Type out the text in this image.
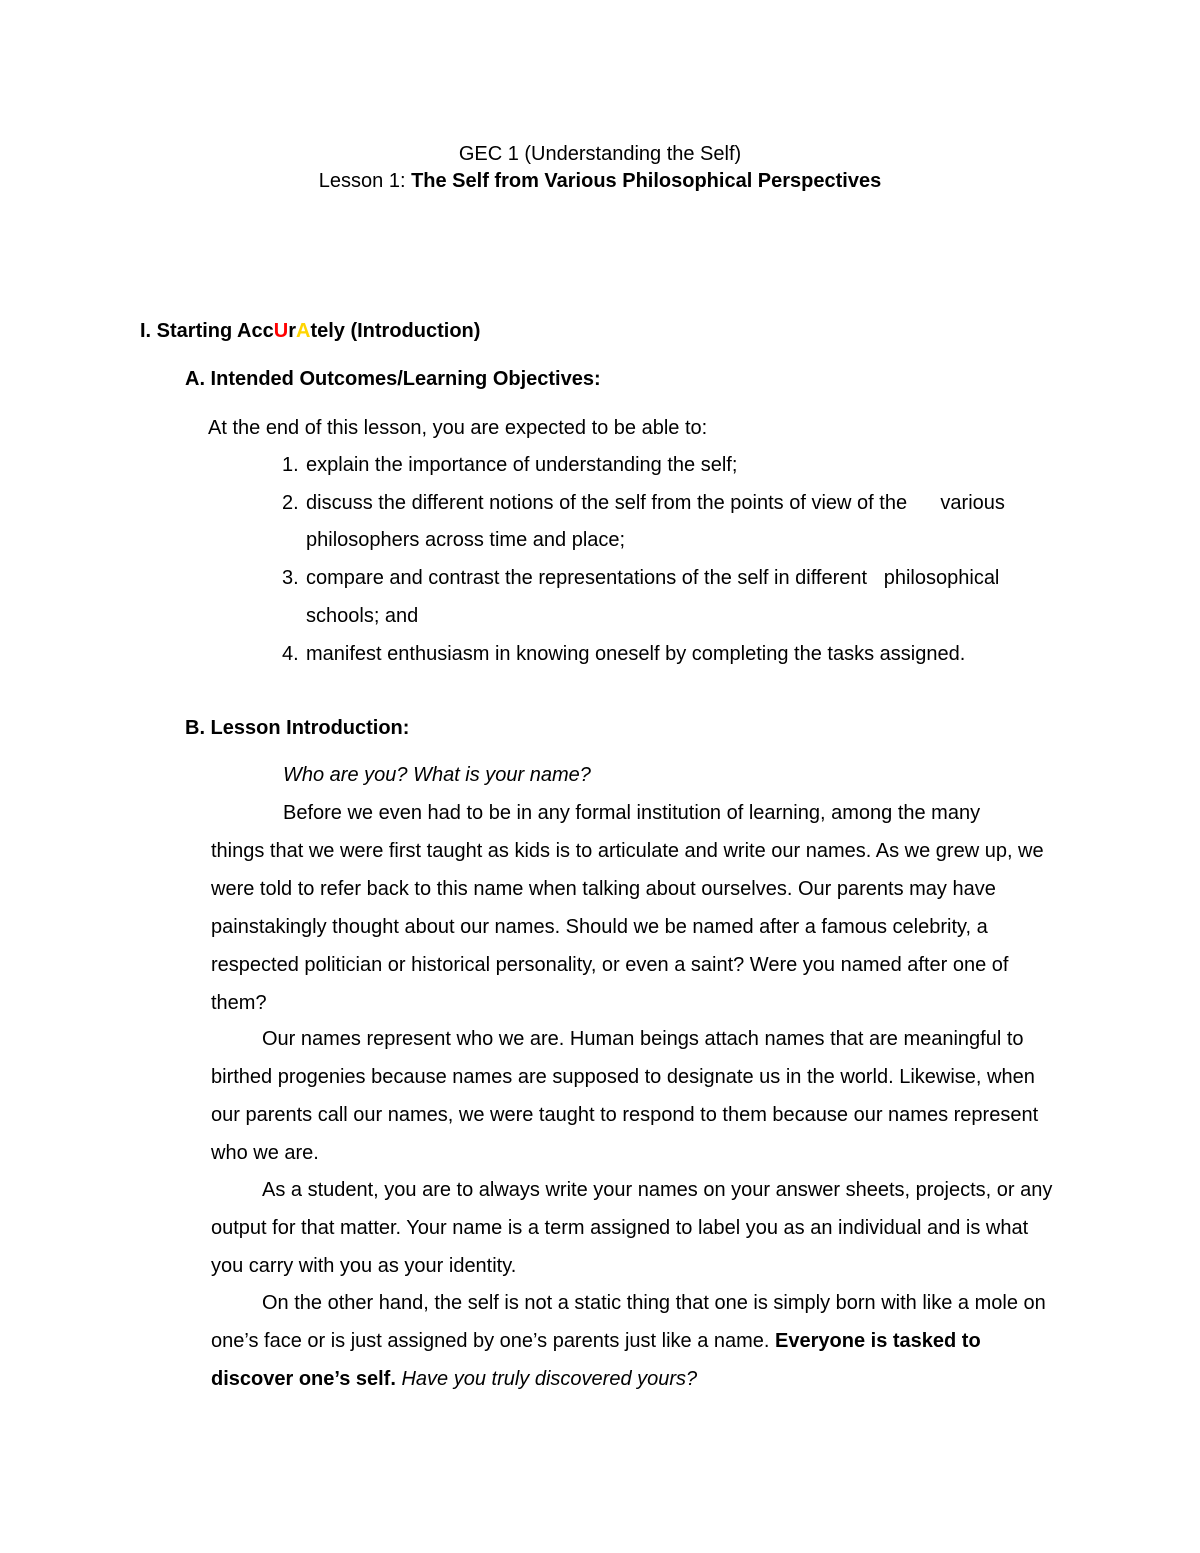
GEC 1 (Understanding the Self)
Lesson 1: The Self from Various Philosophical Perspectives
I. Starting AccUrAtely (Introduction)
A. Intended Outcomes/Learning Objectives:
At the end of this lesson, you are expected to be able to:
1. explain the importance of understanding the self;
2. discuss the different notions of the self from the points of view of the      various
philosophers across time and place;
3. compare and contrast the representations of the self in different   philosophical
schools; and
4. manifest enthusiasm in knowing oneself by completing the tasks assigned.
B. Lesson Introduction:
Who are you? What is your name?
Before we even had to be in any formal institution of learning, among the many
things that we were first taught as kids is to articulate and write our names. As we grew up, we were told to refer back to this name when talking about ourselves. Our parents may have painstakingly thought about our names. Should we be named after a famous celebrity, a respected politician or historical personality, or even a saint? Were you named after one of them?
Our names represent who we are. Human beings attach names that are meaningful to birthed progenies because names are supposed to designate us in the world. Likewise, when our parents call our names, we were taught to respond to them because our names represent who we are.
As a student, you are to always write your names on your answer sheets, projects, or any output for that matter. Your name is a term assigned to label you as an individual and is what you carry with you as your identity.
On the other hand, the self is not a static thing that one is simply born with like a mole on one’s face or is just assigned by one’s parents just like a name. Everyone is tasked to discover one’s self. Have you truly discovered yours?
